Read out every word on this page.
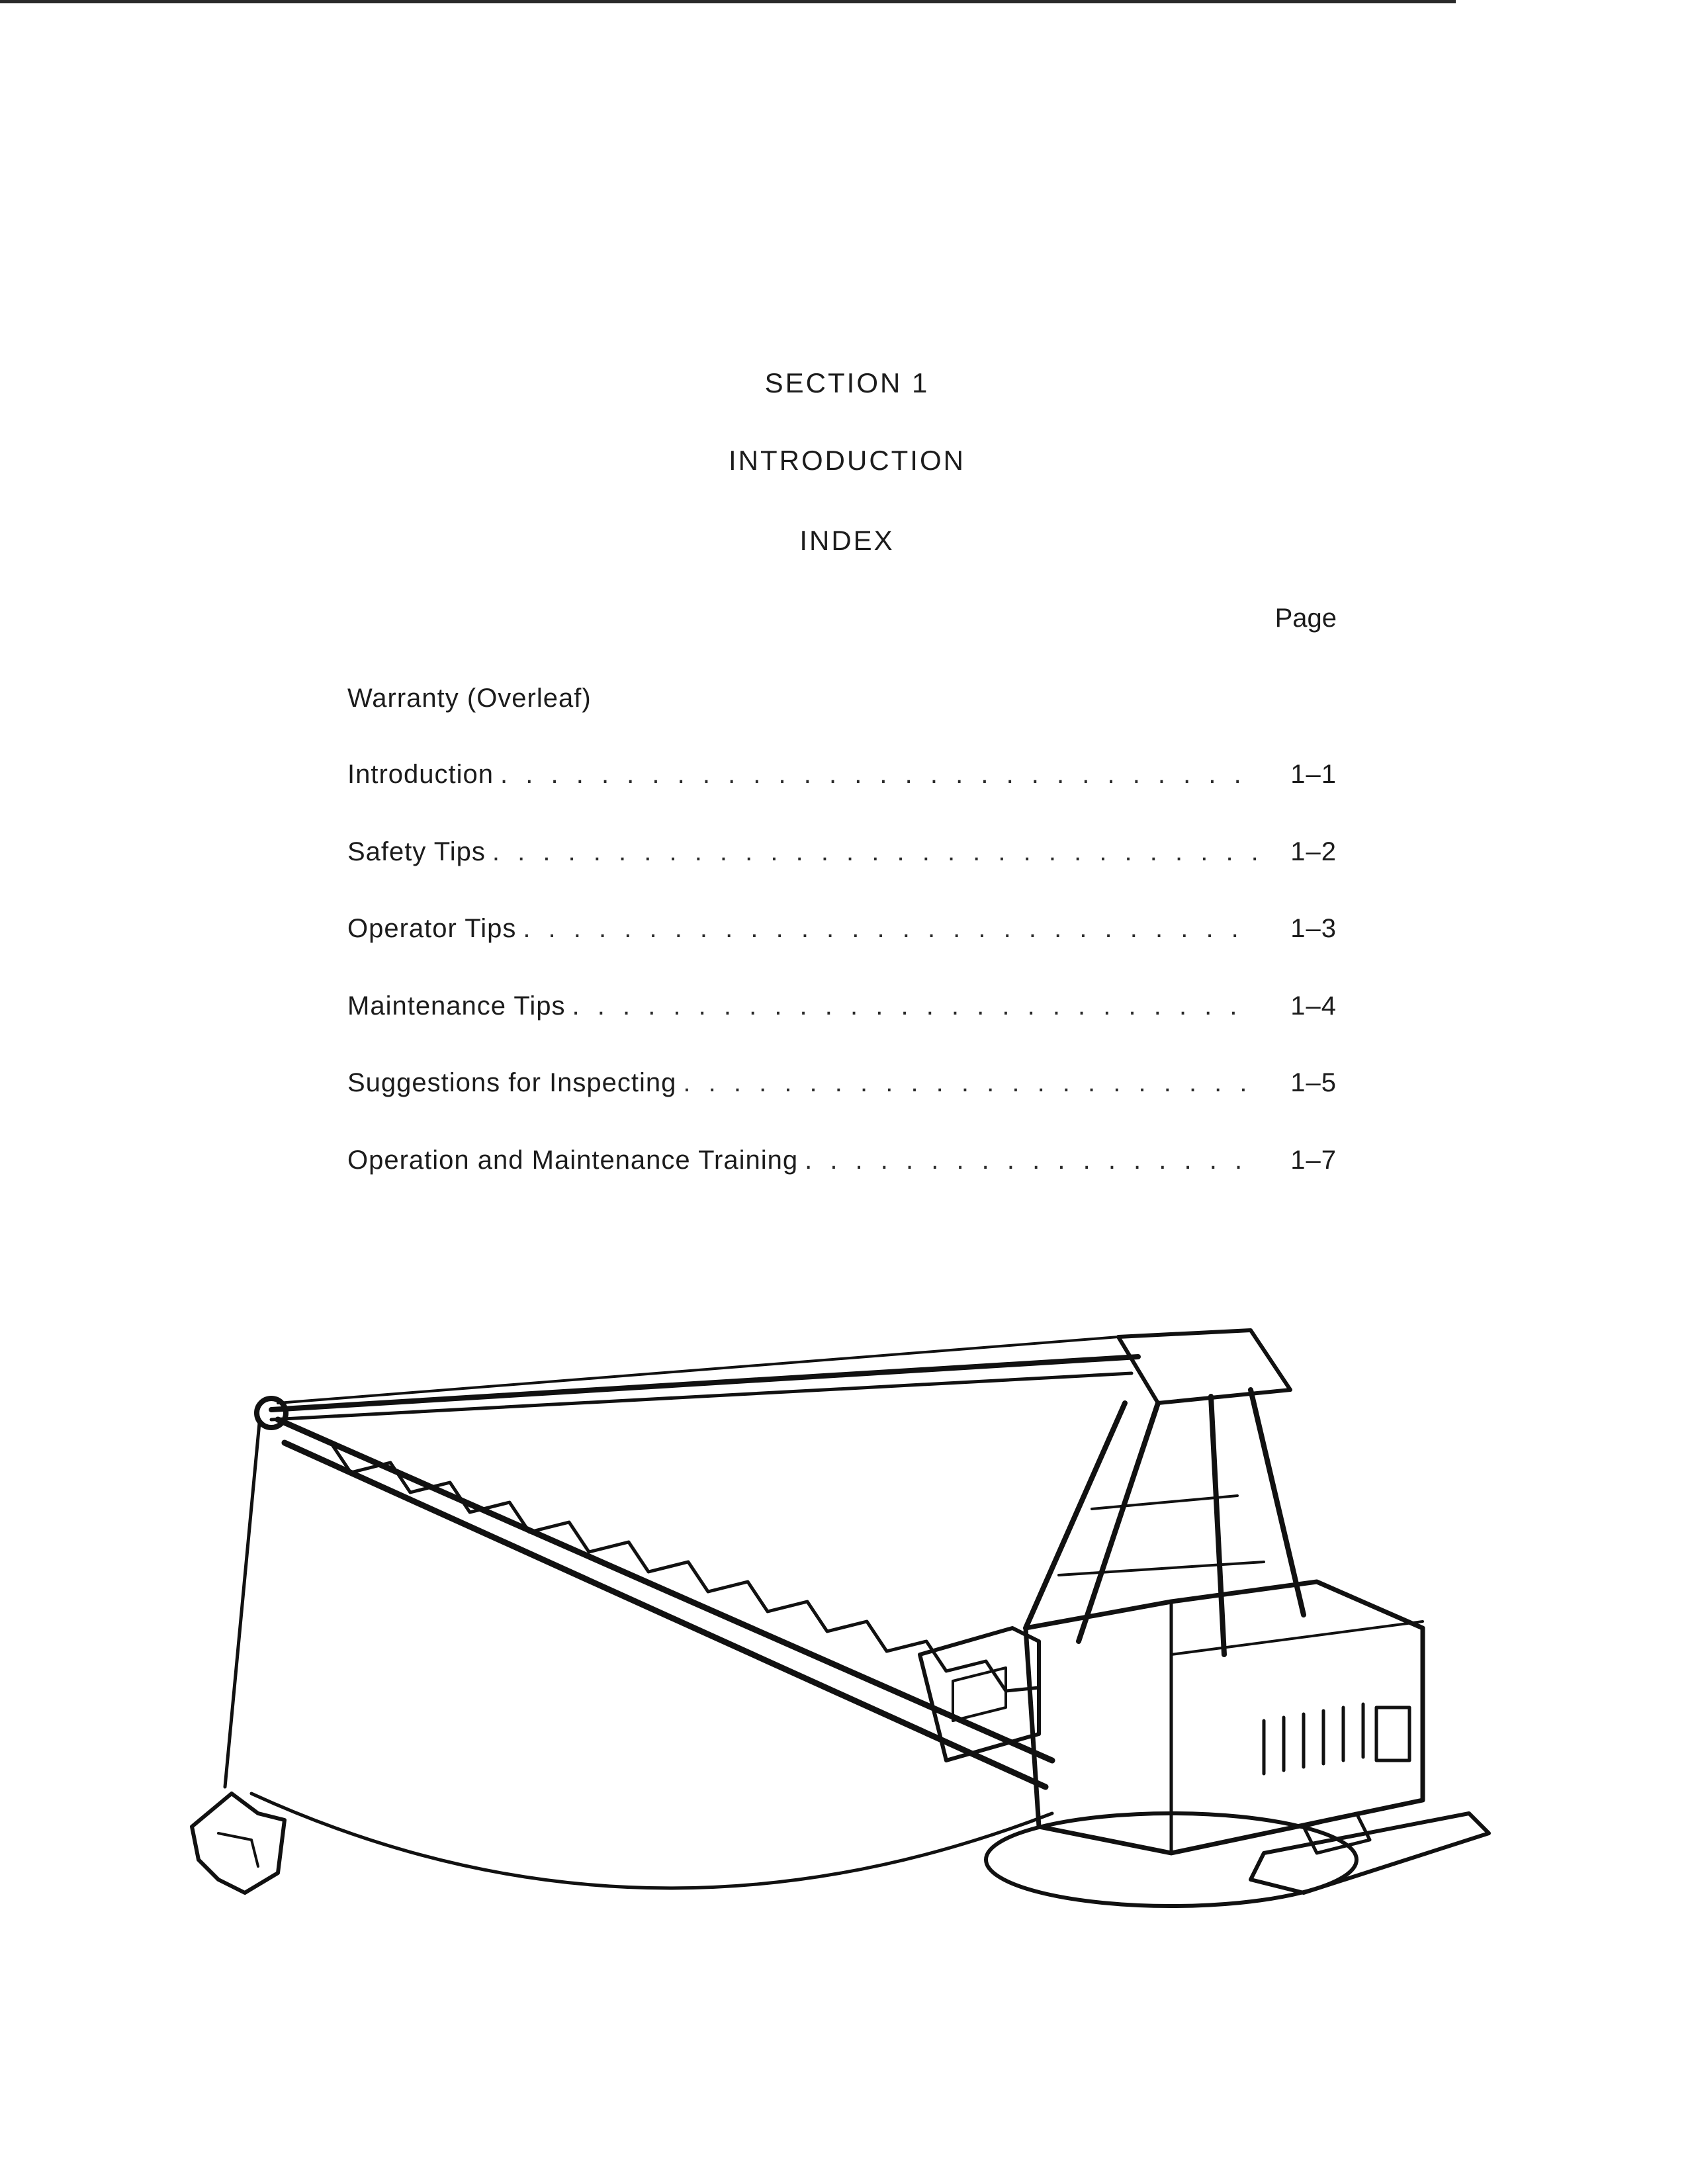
SECTION 1
INTRODUCTION
INDEX
Page
Warranty (Overleaf)
Introduction . . .	1–1
Safety Tips . . .	1–2
Operator Tips . . .	1–3
Maintenance Tips . . .	1–4
Suggestions for Inspecting . . .	1–5
Operation and Maintenance Training . . .	1–7
